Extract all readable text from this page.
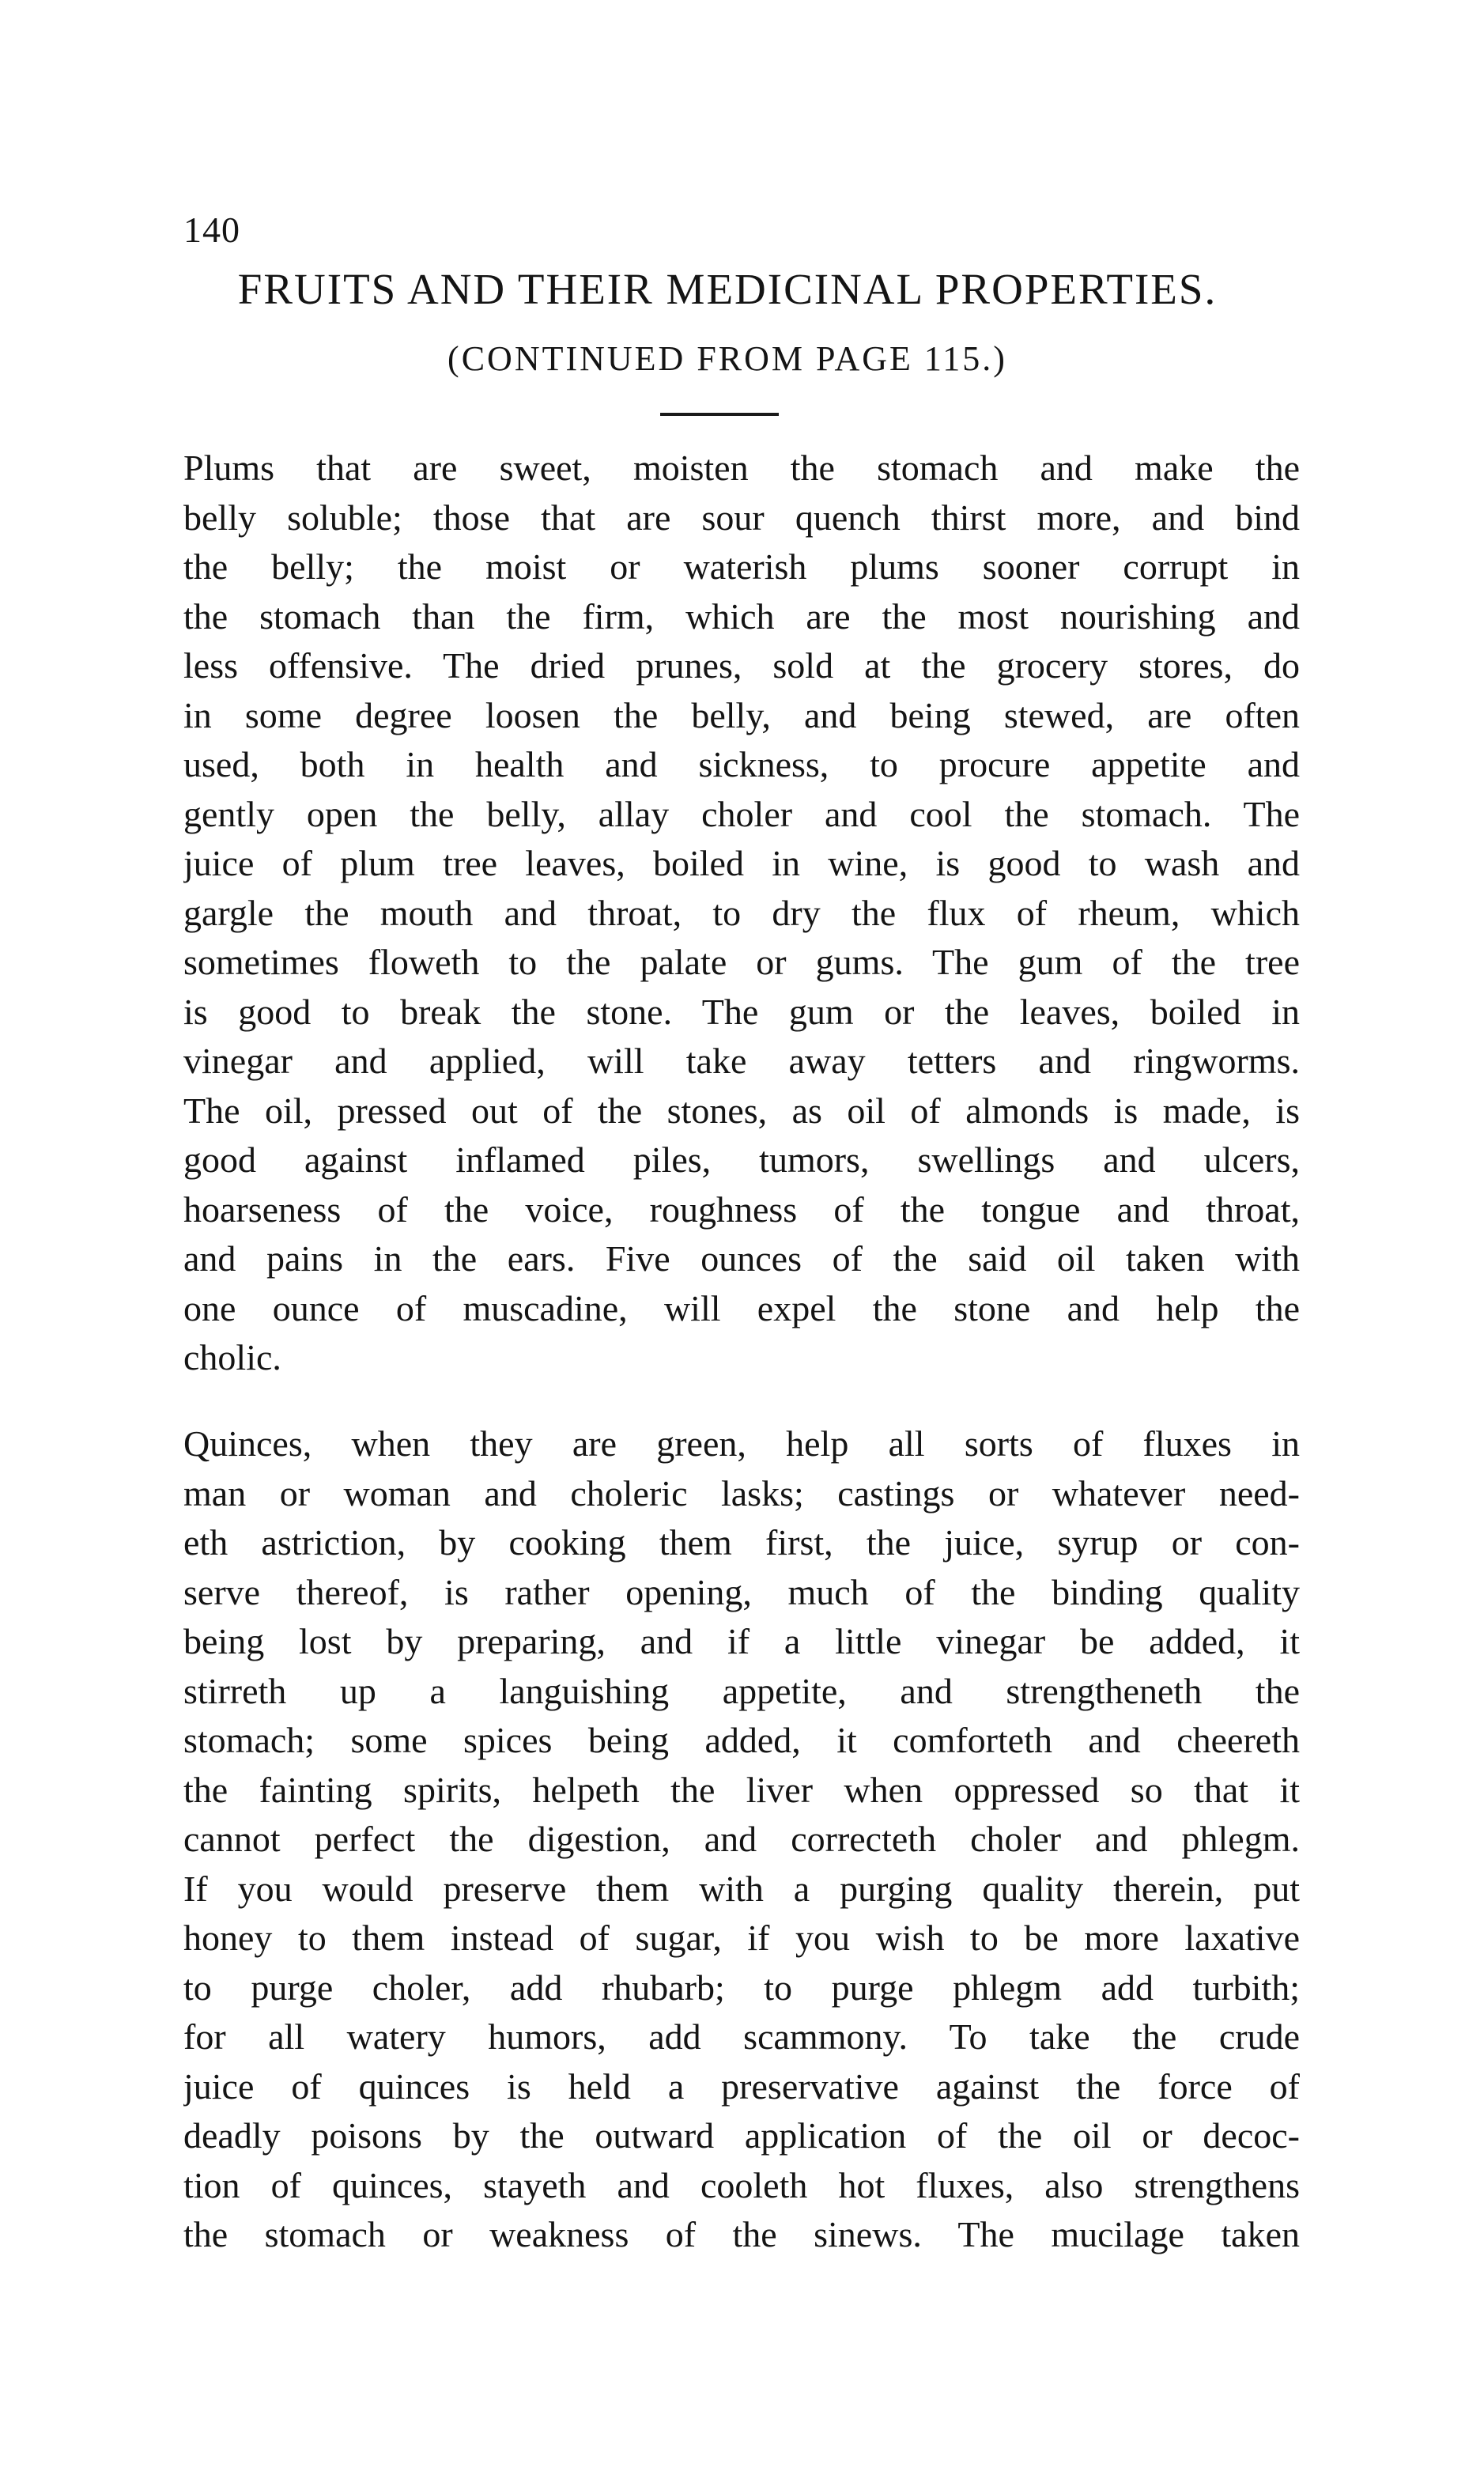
140
FRUITS AND THEIR MEDICINAL PROPERTIES.
(CONTINUED FROM PAGE 115.)
Plums that are sweet, moisten the stomach and make the
belly soluble; those that are sour quench thirst more, and bind
the belly; the moist or waterish plums sooner corrupt in
the stomach than the firm, which are the most nourishing and
less offensive. The dried prunes, sold at the grocery stores, do
in some degree loosen the belly, and being stewed, are often
used, both in health and sickness, to procure appetite and
gently open the belly, allay choler and cool the stomach. The
juice of plum tree leaves, boiled in wine, is good to wash and
gargle the mouth and throat, to dry the flux of rheum, which
sometimes floweth to the palate or gums. The gum of the tree
is good to break the stone. The gum or the leaves, boiled in
vinegar and applied, will take away tetters and ringworms.
The oil, pressed out of the stones, as oil of almonds is made, is
good against inflamed piles, tumors, swellings and ulcers,
hoarseness of the voice, roughness of the tongue and throat,
and pains in the ears. Five ounces of the said oil taken with
one ounce of muscadine, will expel the stone and help the
cholic.
Quinces, when they are green, help all sorts of fluxes in
man or woman and choleric lasks; castings or whatever need-
eth astriction, by cooking them first, the juice, syrup or con-
serve thereof, is rather opening, much of the binding quality
being lost by preparing, and if a little vinegar be added, it
stirreth up a languishing appetite, and strengtheneth the
stomach; some spices being added, it comforteth and cheereth
the fainting spirits, helpeth the liver when oppressed so that it
cannot perfect the digestion, and correcteth choler and phlegm.
If you would preserve them with a purging quality therein, put
honey to them instead of sugar, if you wish to be more laxative
to purge choler, add rhubarb; to purge phlegm add turbith;
for all watery humors, add scammony. To take the crude
juice of quinces is held a preservative against the force of
deadly poisons by the outward application of the oil or decoc-
tion of quinces, stayeth and cooleth hot fluxes, also strengthens
the stomach or weakness of the sinews. The mucilage taken
